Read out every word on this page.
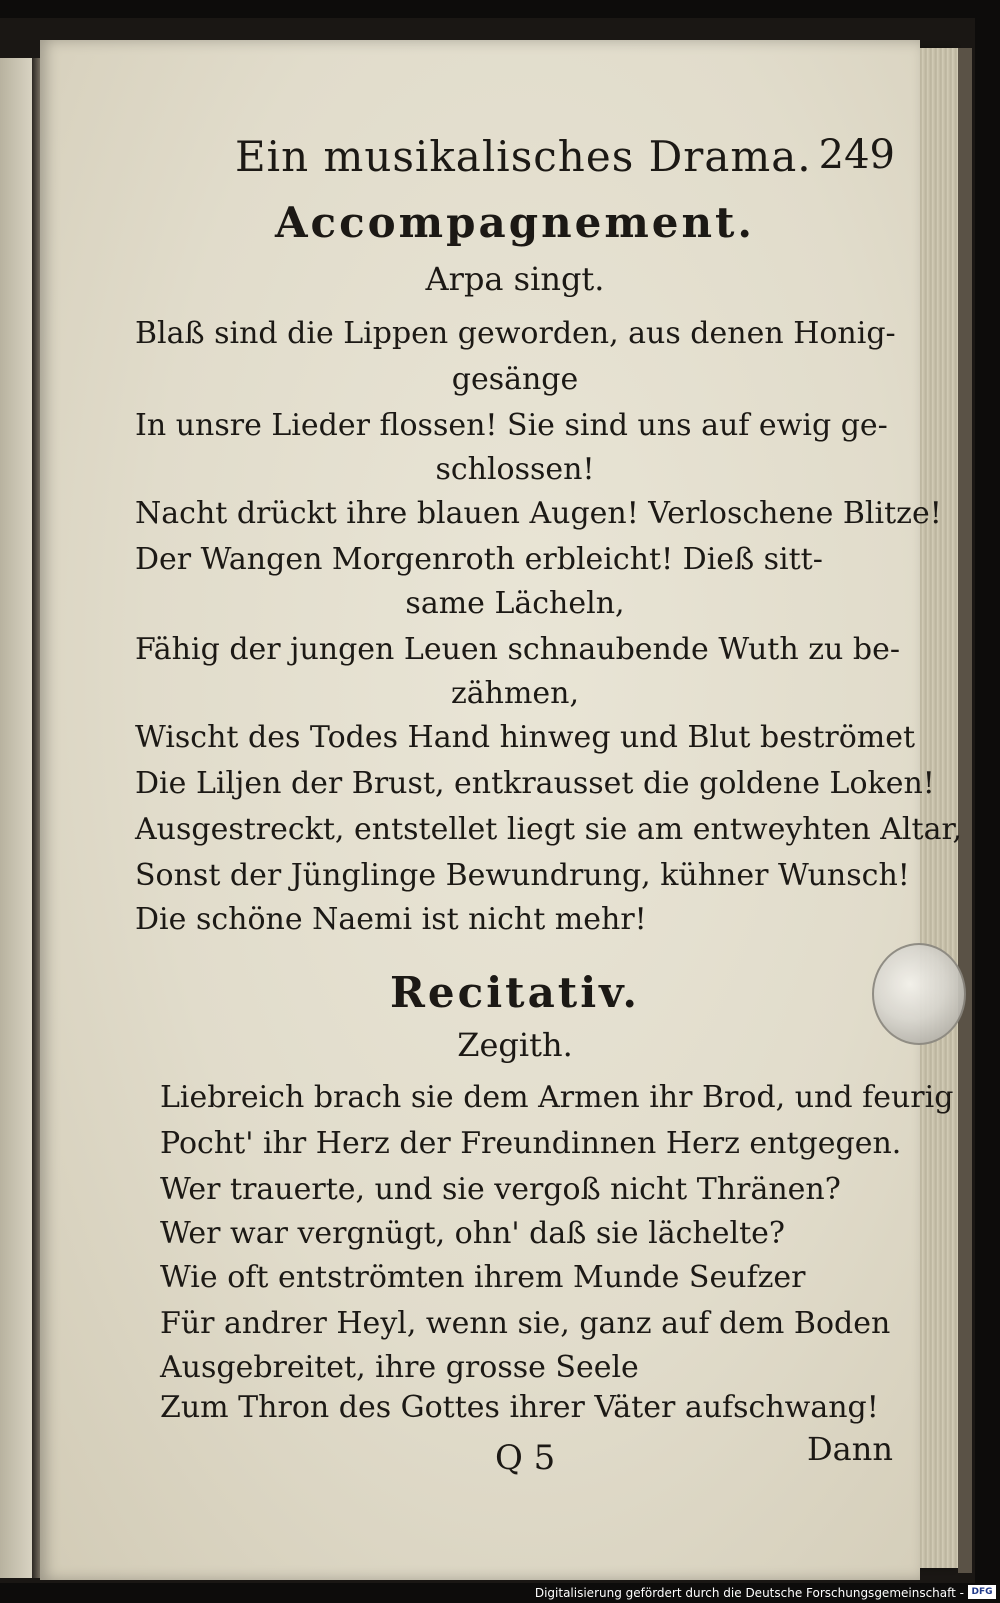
Ein musikalisches Drama. 249
Accompagnement.
Arpa singt.
Blaß sind die Lippen geworden, aus denen Honig-
gesänge
In unsre Lieder flossen! Sie sind uns auf ewig ge-
schlossen!
Nacht drückt ihre blauen Augen! Verloschene Blitze!
Der Wangen Morgenroth erbleicht! Dieß sitt-
same Lächeln,
Fähig der jungen Leuen schnaubende Wuth zu be-
zähmen,
Wischt des Todes Hand hinweg und Blut beströmet
Die Liljen der Brust, entkrausset die goldene Loken!
Ausgestreckt, entstellet liegt sie am entweyhten Altar,
Sonst der Jünglinge Bewundrung, kühner Wunsch!
Die schöne Naemi ist nicht mehr!
Recitativ.
Zegith.
Liebreich brach sie dem Armen ihr Brod, und feurig
Pocht' ihr Herz der Freundinnen Herz entgegen.
Wer trauerte, und sie vergoß nicht Thränen?
Wer war vergnügt, ohn' daß sie lächelte?
Wie oft entströmten ihrem Munde Seufzer
Für andrer Heyl, wenn sie, ganz auf dem Boden
Ausgebreitet, ihre grosse Seele
Zum Thron des Gottes ihrer Väter aufschwang!
Q 5	Dann
Digitalisierung gefördert durch die Deutsche Forschungsgemeinschaft - DFG
